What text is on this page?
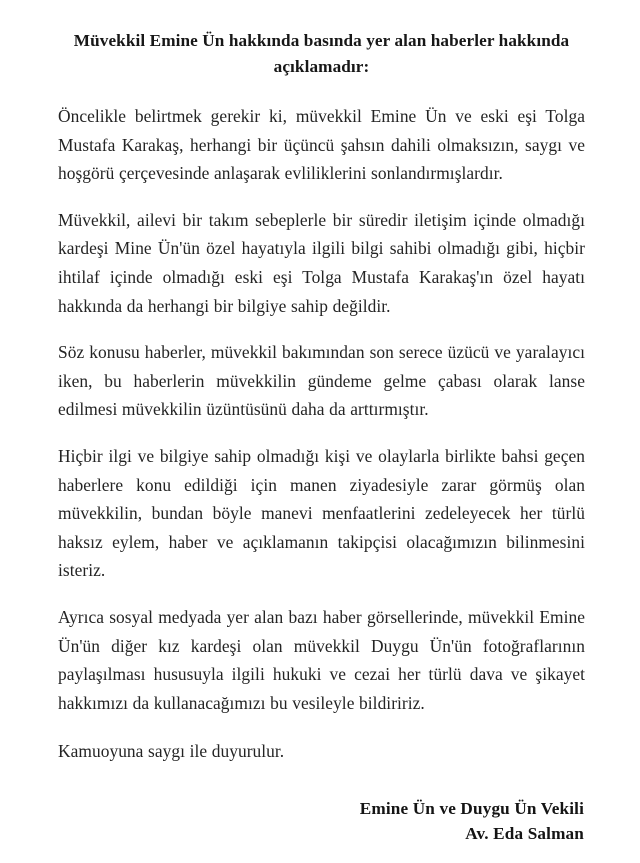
Müvekkil Emine Ün hakkında basında yer alan haberler hakkında açıklamadır:

Öncelikle belirtmek gerekir ki, müvekkil Emine Ün ve eski eşi Tolga Mustafa Karakaş, herhangi bir üçüncü şahsın dahili olmaksızın, saygı ve hoşgörü çerçevesinde anlaşarak evliliklerini sonlandırmışlardır.

Müvekkil, ailevi bir takım sebeplerle bir süredir iletişim içinde olmadığı kardeşi Mine Ün'ün özel hayatıyla ilgili bilgi sahibi olmadığı gibi, hiçbir ihtilaf içinde olmadığı eski eşi Tolga Mustafa Karakaş'ın özel hayatı hakkında da herhangi bir bilgiye sahip değildir.

Söz konusu haberler, müvekkil bakımından son serece üzücü ve yaralayıcı iken, bu haberlerin müvekkilin gündeme gelme çabası olarak lanse edilmesi müvekkilin üzüntüsünü daha da arttırmıştır.

Hiçbir ilgi ve bilgiye sahip olmadığı kişi ve olaylarla birlikte bahsi geçen haberlere konu edildiği için manen ziyadesiyle zarar görmüş olan müvekkilin, bundan böyle manevi menfaatlerini zedeleyecek her türlü haksız eylem, haber ve açıklamanın takipçisi olacağımızın bilinmesini isteriz.

Ayrıca sosyal medyada yer alan bazı haber görsellerinde, müvekkil Emine Ün'ün diğer kız kardeşi olan müvekkil Duygu Ün'ün fotoğraflarının paylaşılması hususuyla ilgili hukuki ve cezai her türlü dava ve şikayet hakkımızı da kullanacağımızı bu vesileyle bildiririz.

Kamuoyuna saygı ile duyurulur.

Emine Ün ve Duygu Ün Vekili
Av. Eda Salman
